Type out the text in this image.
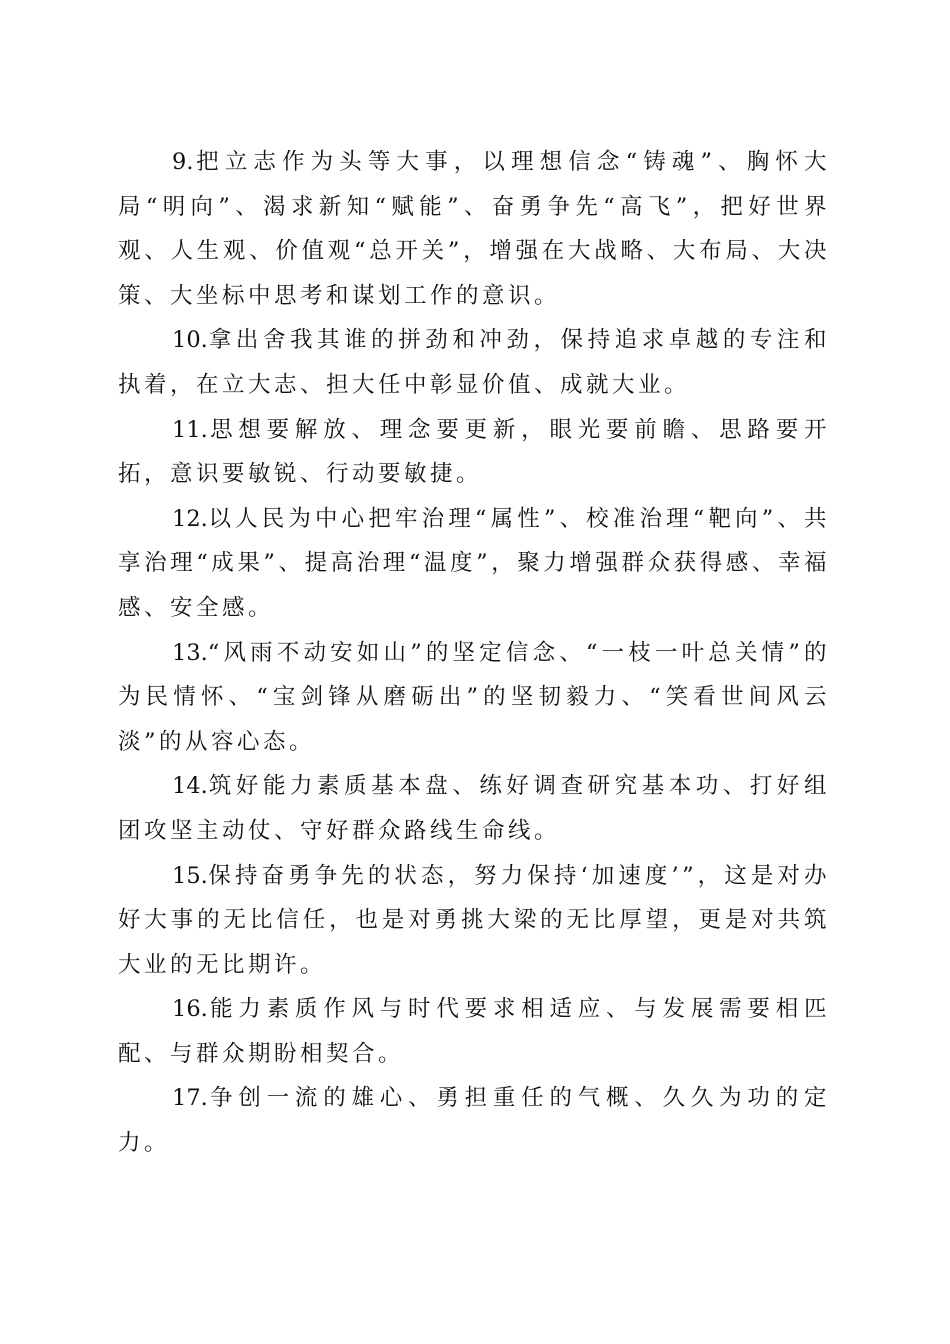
9.把立志作为头等大事，以理想信念“铸魂”、胸怀大局“明向”、渴求新知“赋能”、奋勇争先“高飞”，把好世界观、人生观、价值观“总开关”，增强在大战略、大布局、大决策、大坐标中思考和谋划工作的意识。

10.拿出舍我其谁的拼劲和冲劲，保持追求卓越的专注和执着，在立大志、担大任中彰显价值、成就大业。

11.思想要解放、理念要更新，眼光要前瞻、思路要开拓，意识要敏锐、行动要敏捷。

12.以人民为中心把牢治理“属性”、校准治理“靶向”、共享治理“成果”、提高治理“温度”，聚力增强群众获得感、幸福感、安全感。

13.“风雨不动安如山”的坚定信念、“一枝一叶总关情”的为民情怀、“宝剑锋从磨砺出”的坚韧毅力、“笑看世间风云淡”的从容心态。

14.筑好能力素质基本盘、练好调查研究基本功、打好组团攻坚主动仗、守好群众路线生命线。

15.保持奋勇争先的状态，努力保持‘加速度’”，这是对办好大事的无比信任，也是对勇挑大梁的无比厚望，更是对共筑大业的无比期许。

16.能力素质作风与时代要求相适应、与发展需要相匹配、与群众期盼相契合。

17.争创一流的雄心、勇担重任的气概、久久为功的定力。
